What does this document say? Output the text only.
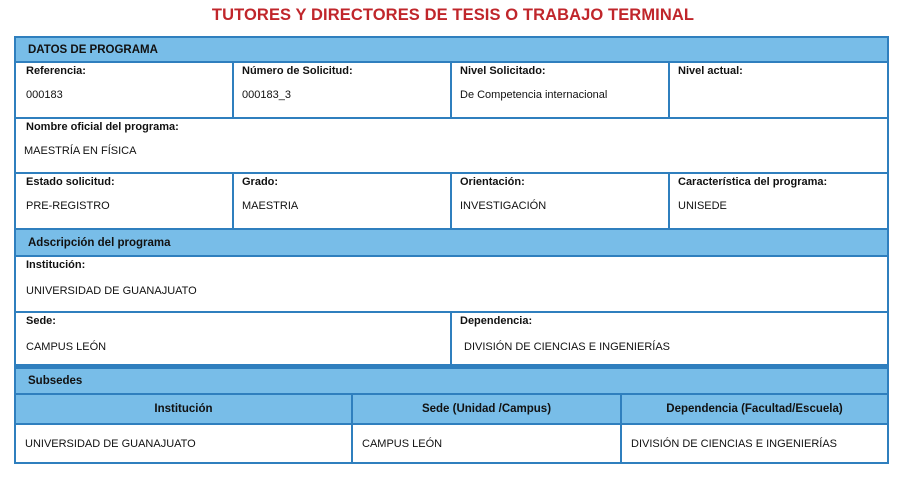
TUTORES Y DIRECTORES DE TESIS O TRABAJO TERMINAL
DATOS DE PROGRAMA
Referencia:
000183
Número de Solicitud:
000183_3
Nivel Solicitado:
De Competencia internacional
Nivel actual:
Nombre oficial del programa:
MAESTRÍA EN FÍSICA
Estado solicitud:
PRE-REGISTRO
Grado:
MAESTRIA
Orientación:
INVESTIGACIÓN
Característica del programa:
UNISEDE
Adscripción del programa
Institución:
UNIVERSIDAD DE GUANAJUATO
Sede:
CAMPUS LEÓN
Dependencia:
DIVISIÓN DE CIENCIAS E INGENIERÍAS
Subsedes
Institución	Sede (Unidad /Campus)	Dependencia (Facultad/Escuela)
UNIVERSIDAD DE GUANAJUATO	CAMPUS LEÓN	DIVISIÓN DE CIENCIAS E INGENIERÍAS
